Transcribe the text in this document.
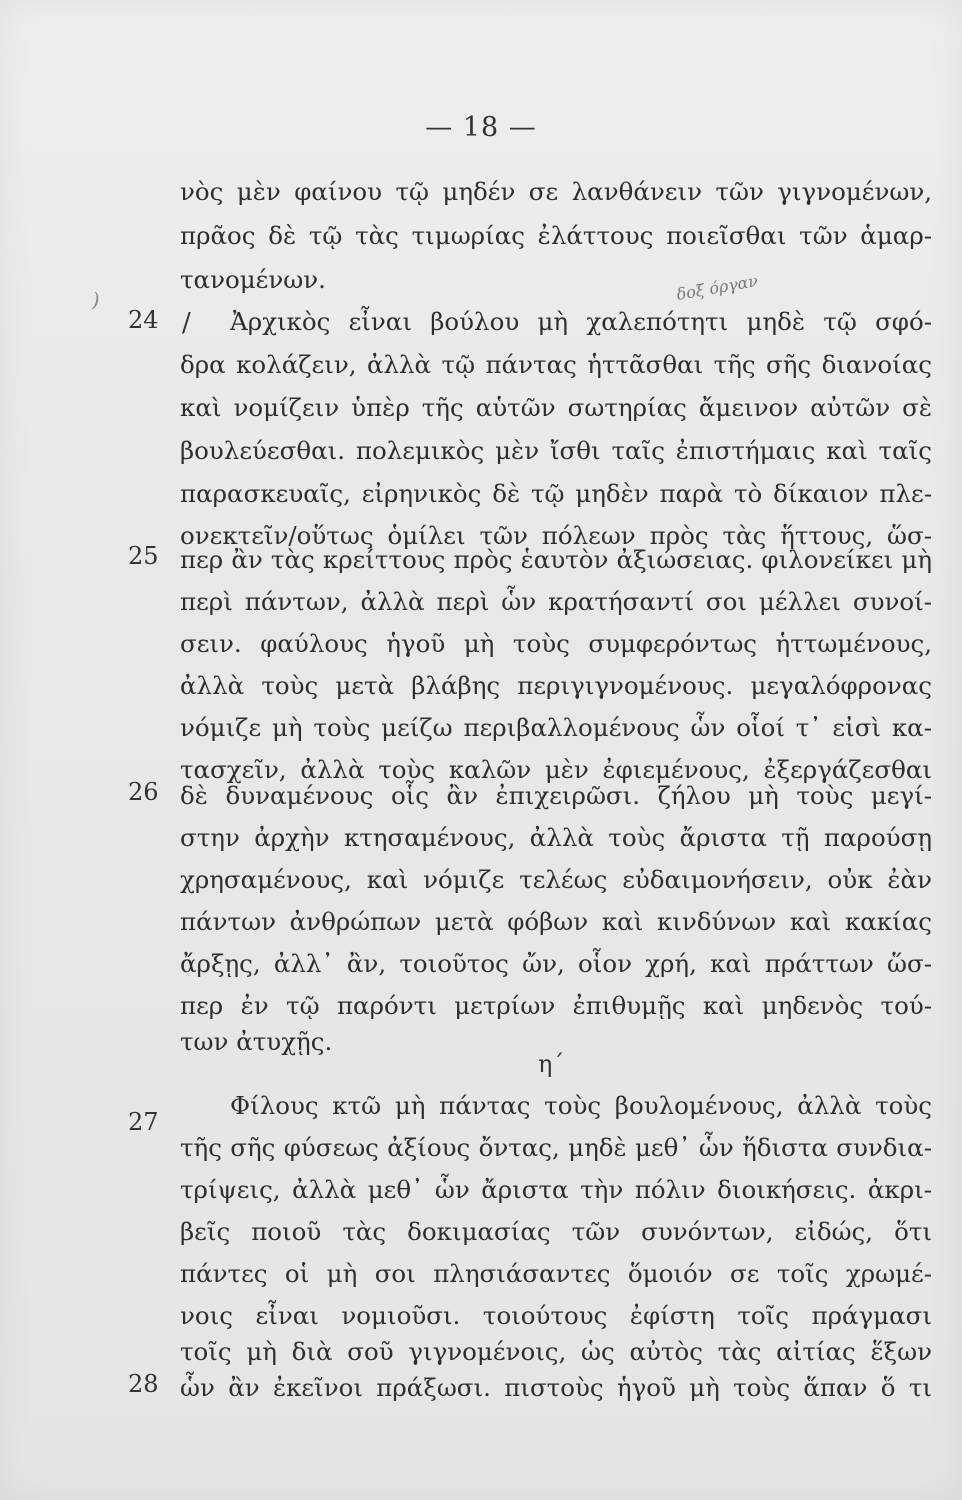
— 18 —
)
/
δοξ όργαν
24
25
26
27
28
νὸς μὲν φαίνου τῷ μηδέν σε λανθάνειν τῶν γιγνομένων,
πρᾶος δὲ τῷ τὰς τιμωρίας ἐλάττους ποιεῖσθαι τῶν ἁμαρ-
τανομένων.
Ἀρχικὸς εἶναι βούλου μὴ χαλεπότητι μηδὲ τῷ σφό-
δρα κολάζειν, ἀλλὰ τῷ πάντας ἡττᾶσθαι τῆς σῆς διανοίας
καὶ νομίζειν ὑπὲρ τῆς αὑτῶν σωτηρίας ἄμεινον αὐτῶν σὲ
βουλεύεσθαι. πολεμικὸς μὲν ἴσθι ταῖς ἐπιστήμαις καὶ ταῖς
παρασκευαῖς, εἰρηνικὸς δὲ τῷ μηδὲν παρὰ τὸ δίκαιον πλε-
ονεκτεῖν/οὕτως ὁμίλει τῶν πόλεων πρὸς τὰς ἥττους, ὥσ-
περ ἂν τὰς κρείττους πρὸς ἑαυτὸν ἀξιώσειας. φιλονείκει μὴ
περὶ πάντων, ἀλλὰ περὶ ὧν κρατήσαντί σοι μέλλει συνοί-
σειν. φαύλους ἡγοῦ μὴ τοὺς συμφερόντως ἡττωμένους,
ἀλλὰ τοὺς μετὰ βλάβης περιγιγνομένους. μεγαλόφρονας
νόμιζε μὴ τοὺς μείζω περιβαλλομένους ὧν οἷοί τ᾽ εἰσὶ κα-
τασχεῖν, ἀλλὰ τοὺς καλῶν μὲν ἐφιεμένους, ἐξεργάζεσθαι
δὲ δυναμένους οἷς ἂν ἐπιχειρῶσι. ζήλου μὴ τοὺς μεγί-
στην ἀρχὴν κτησαμένους, ἀλλὰ τοὺς ἄριστα τῇ παρούσῃ
χρησαμένους, καὶ νόμιζε τελέως εὐδαιμονήσειν, οὐκ ἐὰν
πάντων ἀνθρώπων μετὰ φόβων καὶ κινδύνων καὶ κακίας
ἄρξῃς, ἀλλ᾽ ἂν, τοιοῦτος ὤν, οἷον χρή, καὶ πράττων ὥσ-
περ ἐν τῷ παρόντι μετρίων ἐπιθυμῇς καὶ μηδενὸς τού-
των ἀτυχῇς.
η΄
Φίλους κτῶ μὴ πάντας τοὺς βουλομένους, ἀλλὰ τοὺς
τῆς σῆς φύσεως ἀξίους ὄντας, μηδὲ μεθ᾽ ὧν ἥδιστα συνδια-
τρίψεις, ἀλλὰ μεθ᾽ ὧν ἄριστα τὴν πόλιν διοικήσεις. ἀκρι-
βεῖς ποιοῦ τὰς δοκιμασίας τῶν συνόντων, εἰδώς, ὅτι
πάντες οἱ μὴ σοι πλησιάσαντες ὅμοιόν σε τοῖς χρωμέ-
νοις εἶναι νομιοῦσι. τοιούτους ἐφίστη τοῖς πράγμασι
τοῖς μὴ διὰ σοῦ γιγνομένοις, ὡς αὐτὸς τὰς αἰτίας ἕξων
ὧν ἂν ἐκεῖνοι πράξωσι. πιστοὺς ἡγοῦ μὴ τοὺς ἅπαν ὅ τι
